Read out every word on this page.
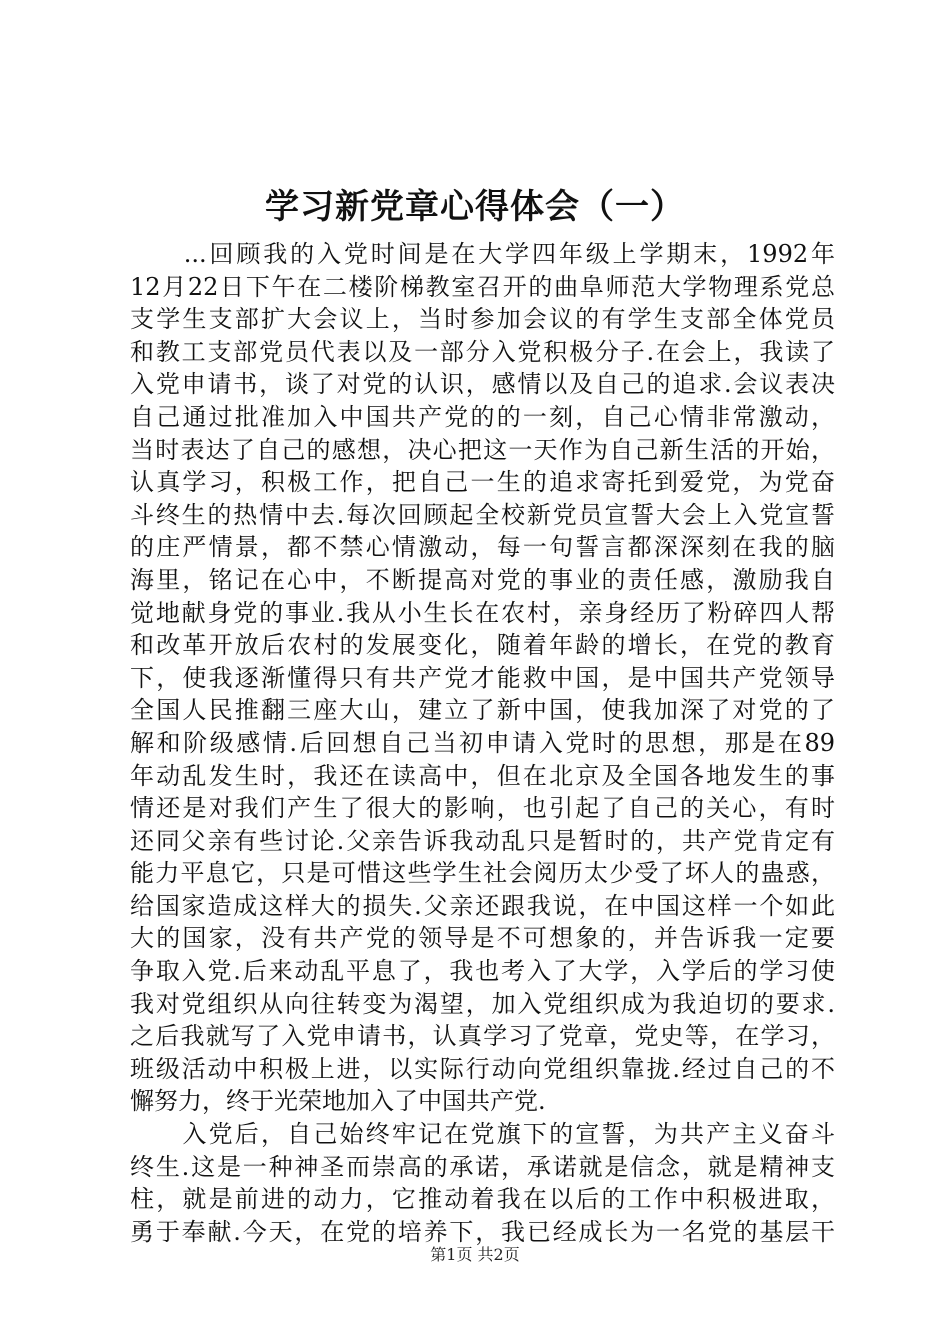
学习新党章心得体会（一）
　　...回顾我的入党时间是在大学四年级上学期末，1992年
12月22日下午在二楼阶梯教室召开的曲阜师范大学物理系党总
支学生支部扩大会议上，当时参加会议的有学生支部全体党员
和教工支部党员代表以及一部分入党积极分子.在会上，我读了
入党申请书，谈了对党的认识，感情以及自己的追求.会议表决
自己通过批准加入中国共产党的的一刻，自己心情非常激动，
当时表达了自己的感想，决心把这一天作为自己新生活的开始，
认真学习，积极工作，把自己一生的追求寄托到爱党，为党奋
斗终生的热情中去.每次回顾起全校新党员宣誓大会上入党宣誓
的庄严情景，都不禁心情激动，每一句誓言都深深刻在我的脑
海里，铭记在心中，不断提高对党的事业的责任感，激励我自
觉地献身党的事业.我从小生长在农村，亲身经历了粉碎四人帮
和改革开放后农村的发展变化，随着年龄的增长，在党的教育
下，使我逐渐懂得只有共产党才能救中国，是中国共产党领导
全国人民推翻三座大山，建立了新中国，使我加深了对党的了
解和阶级感情.后回想自己当初申请入党时的思想，那是在89
年动乱发生时，我还在读高中，但在北京及全国各地发生的事
情还是对我们产生了很大的影响，也引起了自己的关心，有时
还同父亲有些讨论.父亲告诉我动乱只是暂时的，共产党肯定有
能力平息它，只是可惜这些学生社会阅历太少受了坏人的蛊惑，
给国家造成这样大的损失.父亲还跟我说，在中国这样一个如此
大的国家，没有共产党的领导是不可想象的，并告诉我一定要
争取入党.后来动乱平息了，我也考入了大学，入学后的学习使
我对党组织从向往转变为渴望，加入党组织成为我迫切的要求.
之后我就写了入党申请书，认真学习了党章，党史等，在学习，
班级活动中积极上进，以实际行动向党组织靠拢.经过自己的不
懈努力，终于光荣地加入了中国共产党.
　　入党后，自己始终牢记在党旗下的宣誓，为共产主义奋斗
终生.这是一种神圣而崇高的承诺，承诺就是信念，就是精神支
柱，就是前进的动力，它推动着我在以后的工作中积极进取，
勇于奉献.今天，在党的培养下，我已经成长为一名党的基层干
第1页 共2页
